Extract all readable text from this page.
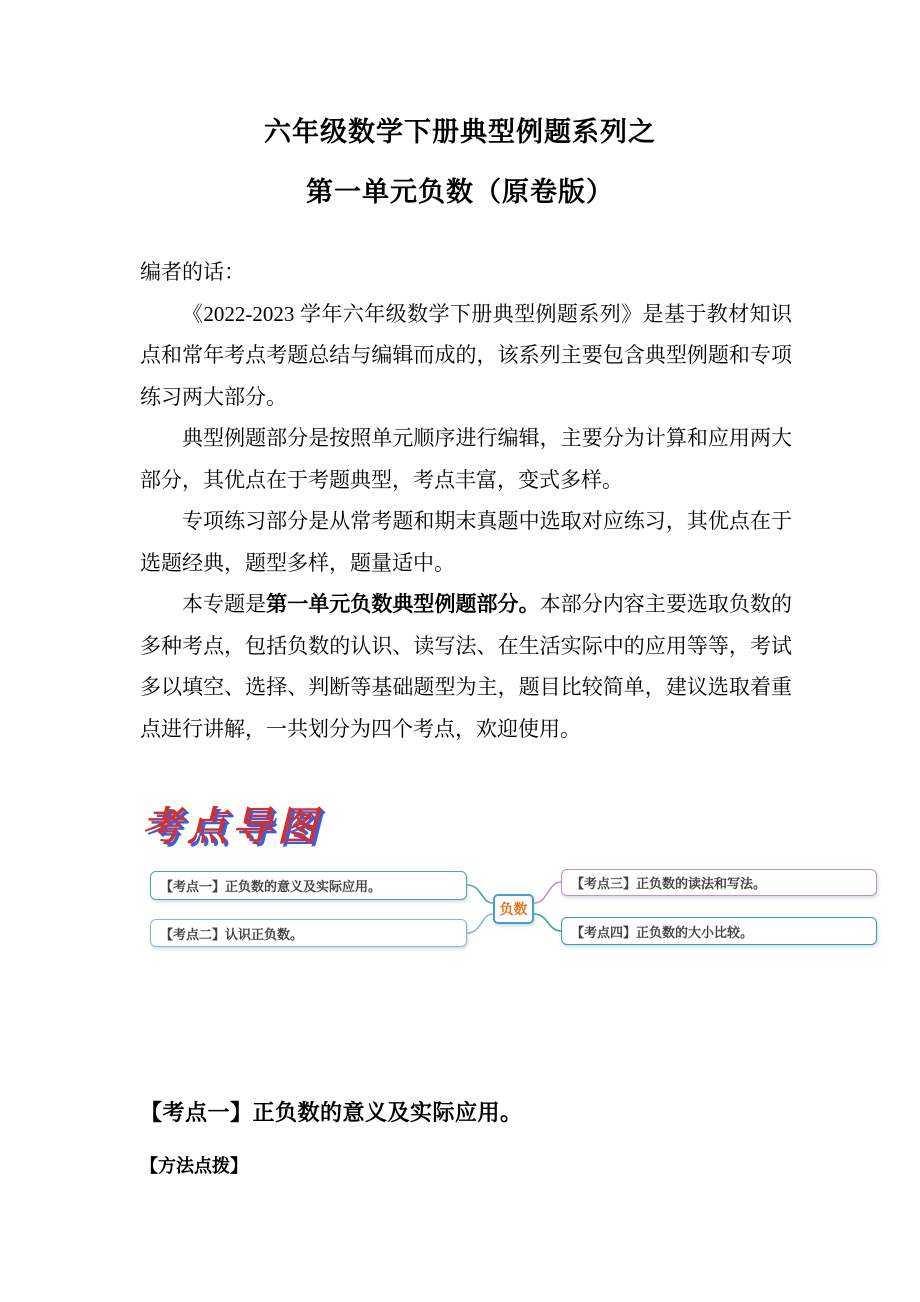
六年级数学下册典型例题系列之
第一单元负数（原卷版）

编者的话：

《2022-2023 学年六年级数学下册典型例题系列》是基于教材知识点和常年考点考题总结与编辑而成的，该系列主要包含典型例题和专项练习两大部分。

典型例题部分是按照单元顺序进行编辑，主要分为计算和应用两大部分，其优点在于考题典型，考点丰富，变式多样。

专项练习部分是从常考题和期末真题中选取对应练习，其优点在于选题经典，题型多样，题量适中。

本专题是第一单元负数典型例题部分。本部分内容主要选取负数的多种考点，包括负数的认识、读写法、在生活实际中的应用等等，考试多以填空、选择、判断等基础题型为主，题目比较简单，建议选取着重点进行讲解，一共划分为四个考点，欢迎使用。

考点导图
【考点一】正负数的意义及实际应用。
【考点二】认识正负数。
【考点三】正负数的读法和写法。
【考点四】正负数的大小比较。
负数
【考点一】正负数的意义及实际应用。
【方法点拨】
